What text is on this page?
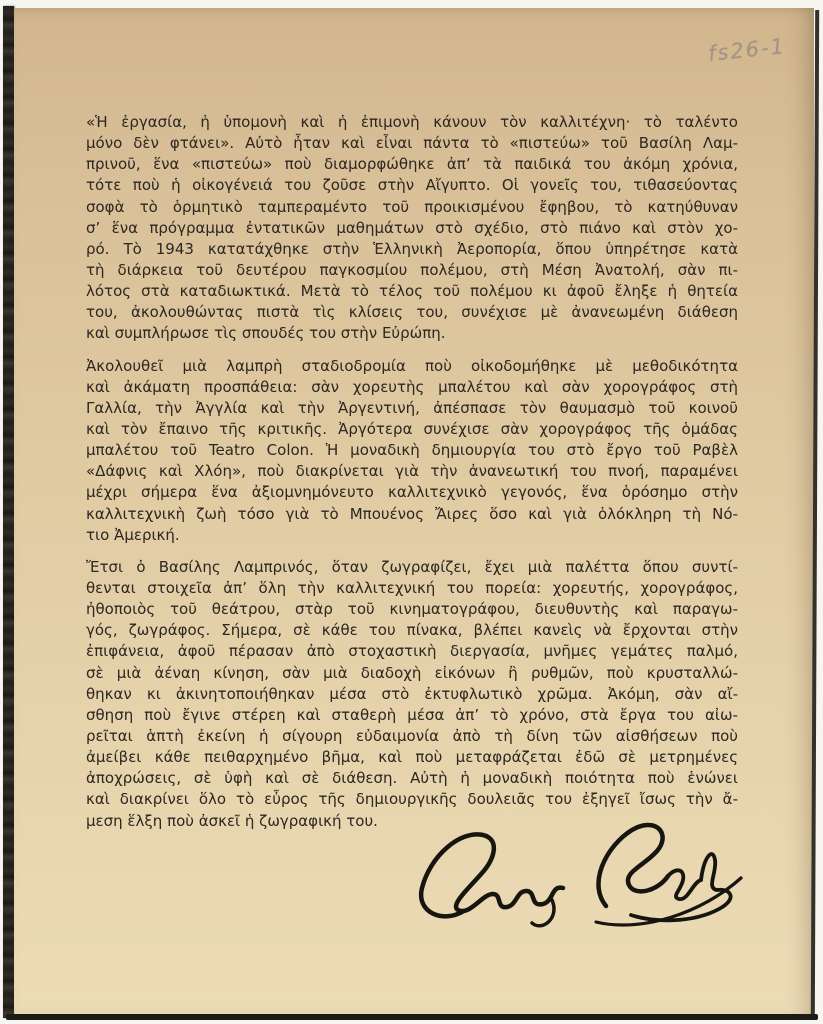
fs26-1
«Ἡ ἐργασία, ἡ ὑπομονὴ καὶ ἡ ἐπιμονὴ κάνουν τὸν καλλιτέχνη· τὸ ταλέντο
μόνο δὲν φτάνει». Αὐτὸ ἦταν καὶ εἶναι πάντα τὸ «πιστεύω» τοῦ Βασίλη Λαμ-
πρινοῦ, ἕνα «πιστεύω» ποὺ διαμορφώθηκε ἀπ’ τὰ παιδικά του ἀκόμη χρόνια,
τότε ποὺ ἡ οἰκογένειά του ζοῦσε στὴν Αἴγυπτο. Οἱ γονεῖς του, τιθασεύοντας
σοφὰ τὸ ὁρμητικὸ ταμπεραμέντο τοῦ προικισμένου ἔφηβου, τὸ κατηύθυναν
σ’ ἕνα πρόγραμμα ἐντατικῶν μαθημάτων στὸ σχέδιο, στὸ πιάνο καὶ στὸν χο-
ρό. Τὸ 1943 κατατάχθηκε στὴν Ἑλληνικὴ Ἀεροπορία, ὅπου ὑπηρέτησε κατὰ
τὴ διάρκεια τοῦ δευτέρου παγκοσμίου πολέμου, στὴ Μέση Ἀνατολή, σὰν πι-
λότος στὰ καταδιωκτικά. Μετὰ τὸ τέλος τοῦ πολέμου κι ἀφοῦ ἔληξε ἡ θητεία
του, ἀκολουθώντας πιστὰ τὶς κλίσεις του, συνέχισε μὲ ἀνανεωμένη διάθεση
καὶ συμπλήρωσε τὶς σπουδές του στὴν Εὐρώπη.
Ἀκολουθεῖ μιὰ λαμπρὴ σταδιοδρομία ποὺ οἰκοδομήθηκε μὲ μεθοδικότητα
καὶ ἀκάματη προσπάθεια: σὰν χορευτὴς μπαλέτου καὶ σὰν χορογράφος στὴ
Γαλλία, τὴν Ἀγγλία καὶ τὴν Ἀργεντινή, ἀπέσπασε τὸν θαυμασμὸ τοῦ κοινοῦ
καὶ τὸν ἔπαινο τῆς κριτικῆς. Ἀργότερα συνέχισε σὰν χορογράφος τῆς ὁμάδας
μπαλέτου τοῦ Teatro Colon. Ἡ μοναδικὴ δημιουργία του στὸ ἔργο τοῦ Ραβὲλ
«Δάφνις καὶ Χλόη», ποὺ διακρίνεται γιὰ τὴν ἀνανεωτική του πνοή, παραμένει
μέχρι σήμερα ἕνα ἀξιομνημόνευτο καλλιτεχνικὸ γεγονός, ἕνα ὁρόσημο στὴν
καλλιτεχνικὴ ζωὴ τόσο γιὰ τὸ Μπουένος Ἄιρες ὅσο καὶ γιὰ ὁλόκληρη τὴ Νό-
τιο Ἀμερική.
Ἔτσι ὁ Βασίλης Λαμπρινός, ὅταν ζωγραφίζει, ἔχει μιὰ παλέττα ὅπου συντί-
θενται στοιχεῖα ἀπ’ ὅλη τὴν καλλιτεχνική του πορεία: χορευτής, χορογράφος,
ἠθοποιὸς τοῦ θεάτρου, στὰρ τοῦ κινηματογράφου, διευθυντὴς καὶ παραγω-
γός, ζωγράφος. Σήμερα, σὲ κάθε του πίνακα, βλέπει κανεὶς νὰ ἔρχονται στὴν
ἐπιφάνεια, ἀφοῦ πέρασαν ἀπὸ στοχαστικὴ διεργασία, μνῆμες γεμάτες παλμό,
σὲ μιὰ ἀέναη κίνηση, σὰν μιὰ διαδοχὴ εἰκόνων ἢ ρυθμῶν, ποὺ κρυσταλλώ-
θηκαν κι ἀκινητοποιήθηκαν μέσα στὸ ἐκτυφλωτικὸ χρῶμα. Ἀκόμη, σὰν αἴ-
σθηση ποὺ ἔγινε στέρεη καὶ σταθερὴ μέσα ἀπ’ τὸ χρόνο, στὰ ἔργα του αἰω-
ρεῖται ἁπτὴ ἐκείνη ἡ σίγουρη εὐδαιμονία ἀπὸ τὴ δίνη τῶν αἰσθήσεων ποὺ
ἀμείβει κάθε πειθαρχημένο βῆμα, καὶ ποὺ μεταφράζεται ἐδῶ σὲ μετρημένες
ἀποχρώσεις, σὲ ὑφὴ καὶ σὲ διάθεση. Αὐτὴ ἡ μοναδικὴ ποιότητα ποὺ ἑνώνει
καὶ διακρίνει ὅλο τὸ εὖρος τῆς δημιουργικῆς δουλειᾶς του ἐξηγεῖ ἴσως τὴν ἄ-
μεση ἕλξη ποὺ ἀσκεῖ ἡ ζωγραφική του.
